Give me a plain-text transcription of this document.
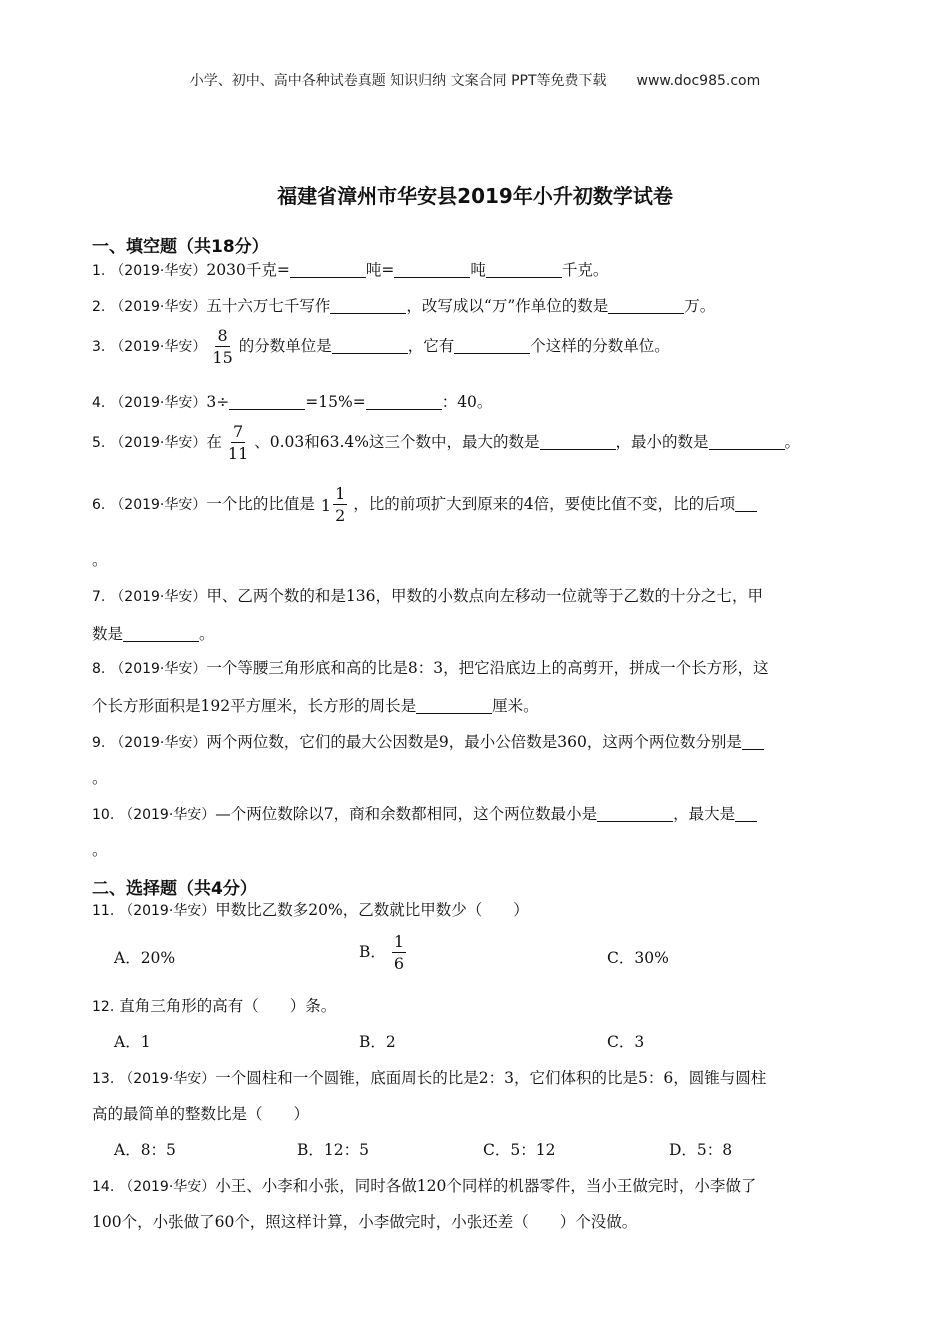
小学、初中、高中各种试卷真题 知识归纳 文案合同 PPT等免费下载 www.doc985.com
福建省漳州市华安县2019年小升初数学试卷
一、填空题（共18分）
1. （2019·华安）2030千克=	吨=	吨	千克。
2. （2019·华安）五十六万七千写作	，改写成以“万”作单位的数是	万。
3. （2019·华安） $\frac{8}{15}$ 的分数单位是	，它有	个这样的分数单位。
4. （2019·华安）3÷	=15%=	：40。
5. （2019·华安）在 $\frac{7}{11}$ 、0.03和63.4%这三个数中，最大的数是	，最小的数是	。
6. （2019·华安）一个比的比值是 $1 \frac{1}{2}$ ，比的前项扩大到原来的4倍，要使比值不变，比的后项
。
7. （2019·华安）甲、乙两个数的和是136，甲数的小数点向左移动一位就等于乙数的十分之七，甲
数是	。
8. （2019·华安）一个等腰三角形底和高的比是8：3，把它沿底边上的高剪开，拼成一个长方形，这
个长方形面积是192平方厘米，长方形的周长是	厘米。
9. （2019·华安）两个两位数，它们的最大公因数是9，最小公倍数是360，这两个两位数分别是
。
10. （2019·华安）—个两位数除以7，商和余数都相同，这个两位数最小是	，最大是
。
二、选择题（共4分）
11. （2019·华安）甲数比乙数多20%，乙数就比甲数少（　　）
A．20%	B． $\frac{1}{6}$	C．30%
12. 直角三角形的高有（　　）条。
A．1	B．2	C．3
13. （2019·华安）一个圆柱和一个圆锥，底面周长的比是2：3，它们体积的比是5：6，圆锥与圆柱
高的最简单的整数比是（　　）
A．8：5	B．12：5	C．5：12	D．5：8
14. （2019·华安）小王、小李和小张，同时各做120个同样的机器零件，当小王做完时，小李做了
100个，小张做了60个，照这样计算，小李做完时，小张还差（　　）个没做。
